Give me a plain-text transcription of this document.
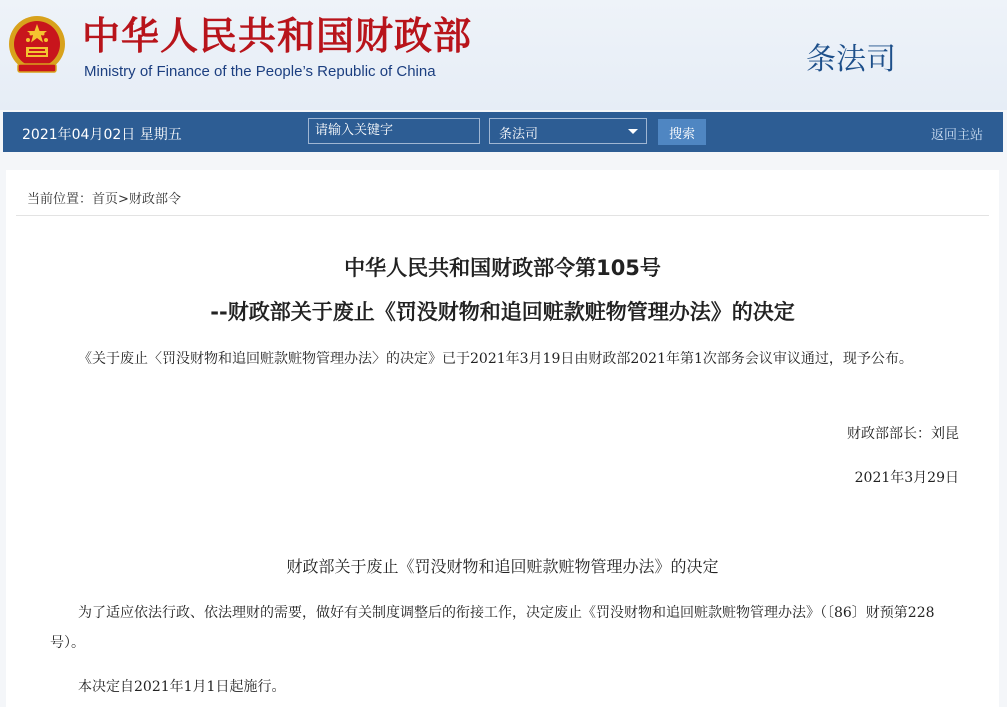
中华人民共和国财政部
Ministry of Finance of the People’s Republic of China	条法司
2021年04月02日 星期五
请输入关键字	条法司	搜索	返回主站
当前位置：首页>财政部令
中华人民共和国财政部令第105号
--财政部关于废止《罚没财物和追回赃款赃物管理办法》的决定
《关于废止〈罚没财物和追回赃款赃物管理办法〉的决定》已于2021年3月19日由财政部2021年第1次部务会议审议通过，现予公布。
财政部部长：刘昆
2021年3月29日
财政部关于废止《罚没财物和追回赃款赃物管理办法》的决定
为了适应依法行政、依法理财的需要，做好有关制度调整后的衔接工作，决定废止《罚没财物和追回赃款赃物管理办法》（〔86〕财预第228号）。
本决定自2021年1月1日起施行。
